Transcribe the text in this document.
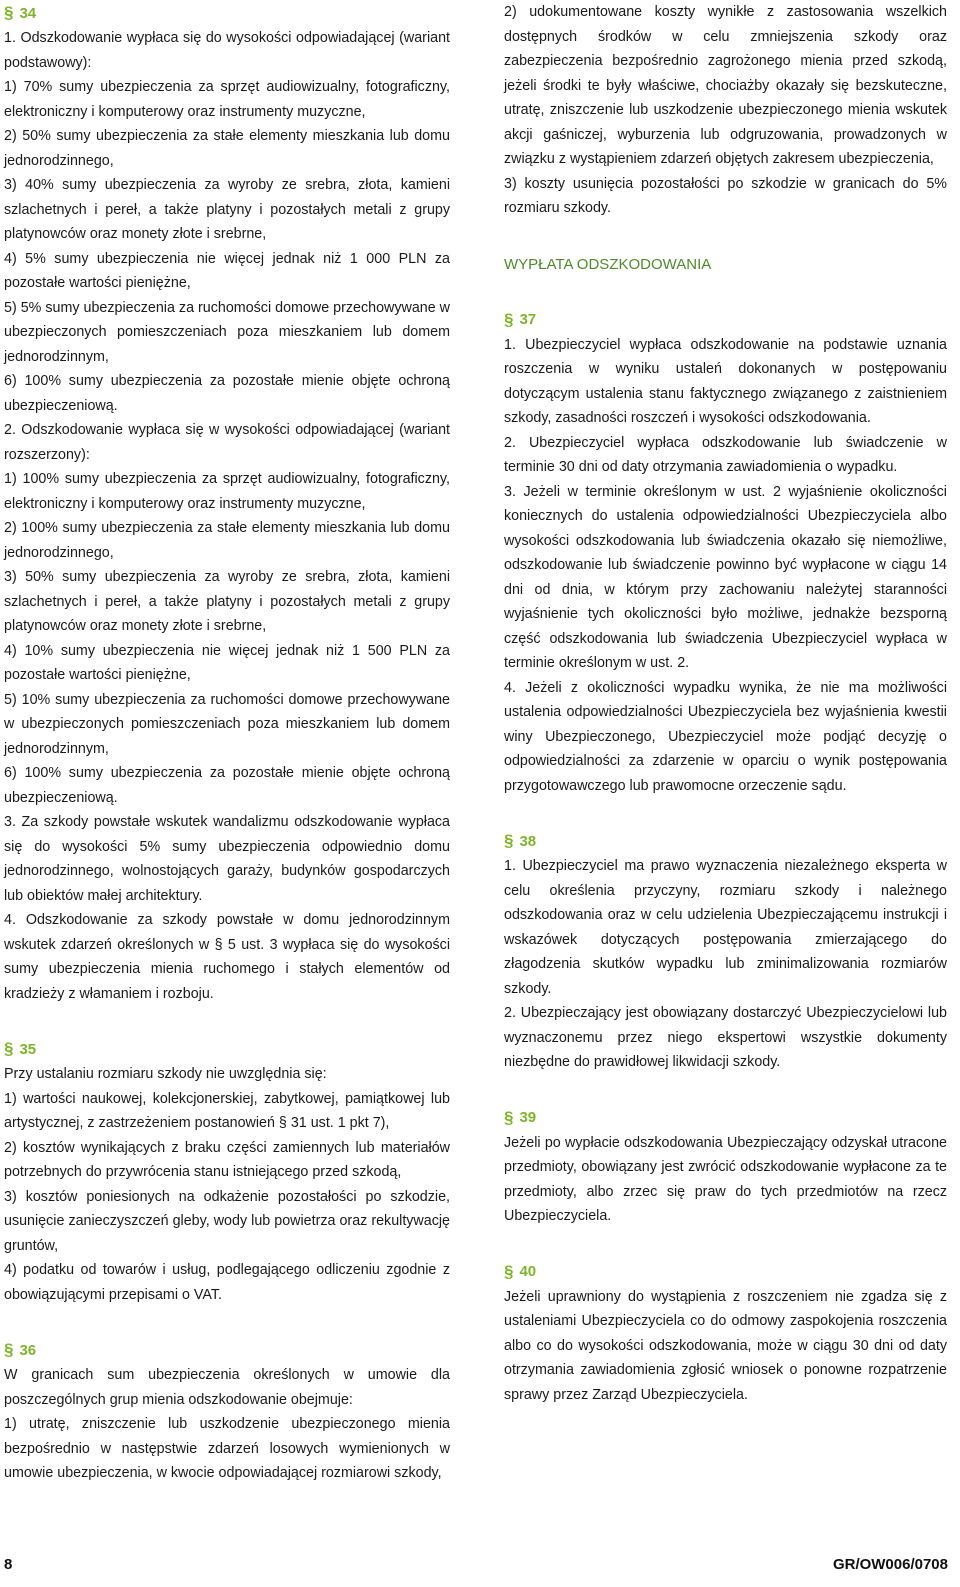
§ 34

1. Odszkodowanie wypłaca się do wysokości odpowiadającej (wariant podstawowy):

1) 70% sumy ubezpieczenia za sprzęt audiowizualny, fotograficzny, elektroniczny i komputerowy oraz instrumenty muzyczne,

2) 50% sumy ubezpieczenia za stałe elementy mieszkania lub domu jednorodzinnego,

3) 40% sumy ubezpieczenia za wyroby ze srebra, złota, kamieni szlachetnych i pereł, a także platyny i pozostałych metali z grupy platynowców oraz monety złote i srebrne,

4) 5% sumy ubezpieczenia nie więcej jednak niż 1 000 PLN za pozostałe wartości pieniężne,

5) 5% sumy ubezpieczenia za ruchomości domowe przechowywane w ubezpieczonych pomieszczeniach poza mieszkaniem lub domem jednorodzinnym,

6) 100% sumy ubezpieczenia za pozostałe mienie objęte ochroną ubezpieczeniową.

2. Odszkodowanie wypłaca się w wysokości odpowiadającej (wariant rozszerzony):

1) 100% sumy ubezpieczenia za sprzęt audiowizualny, fotograficzny, elektroniczny i komputerowy oraz instrumenty muzyczne,

2) 100% sumy ubezpieczenia za stałe elementy mieszkania lub domu jednorodzinnego,

3) 50% sumy ubezpieczenia za wyroby ze srebra, złota, kamieni szlachetnych i pereł, a także platyny i pozostałych metali z grupy platynowców oraz monety złote i srebrne,

4) 10% sumy ubezpieczenia nie więcej jednak niż 1 500 PLN za pozostałe wartości pieniężne,

5) 10% sumy ubezpieczenia za ruchomości domowe przechowywane w ubezpieczonych pomieszczeniach poza mieszkaniem lub domem jednorodzinnym,

6) 100% sumy ubezpieczenia za pozostałe mienie objęte ochroną ubezpieczeniową.

3. Za szkody powstałe wskutek wandalizmu odszkodowanie wypłaca się do wysokości 5% sumy ubezpieczenia odpowiednio domu jednorodzinnego, wolnostojących garaży, budynków gospodarczych lub obiektów małej architektury.

4. Odszkodowanie za szkody powstałe w domu jednorodzinnym wskutek zdarzeń określonych w § 5 ust. 3 wypłaca się do wysokości sumy ubezpieczenia mienia ruchomego i stałych elementów od kradzieży z włamaniem i rozboju.

§ 35

Przy ustalaniu rozmiaru szkody nie uwzględnia się:

1) wartości naukowej, kolekcjonerskiej, zabytkowej, pamiątkowej lub artystycznej, z zastrzeżeniem postanowień § 31 ust. 1 pkt 7),

2) kosztów wynikających z braku części zamiennych lub materiałów potrzebnych do przywrócenia stanu istniejącego przed szkodą,

3) kosztów poniesionych na odkażenie pozostałości po szkodzie, usunięcie zanieczyszczeń gleby, wody lub powietrza oraz rekultywację gruntów,

4) podatku od towarów i usług, podlegającego odliczeniu zgodnie z obowiązującymi przepisami o VAT.

§ 36

W granicach sum ubezpieczenia określonych w umowie dla poszczególnych grup mienia odszkodowanie obejmuje:

1) utratę, zniszczenie lub uszkodzenie ubezpieczonego mienia bezpośrednio w następstwie zdarzeń losowych wymienionych w umowie ubezpieczenia, w kwocie odpowiadającej rozmiarowi szkody,

2) udokumentowane koszty wynikłe z zastosowania wszelkich dostępnych środków w celu zmniejszenia szkody oraz zabezpieczenia bezpośrednio zagrożonego mienia przed szkodą, jeżeli środki te były właściwe, chociażby okazały się bezskuteczne, utratę, zniszczenie lub uszkodzenie ubezpieczonego mienia wskutek akcji gaśniczej, wyburzenia lub odgruzowania, prowadzonych w związku z wystąpieniem zdarzeń objętych zakresem ubezpieczenia,

3) koszty usunięcia pozostałości po szkodzie w granicach do 5% rozmiaru szkody.

WYPŁATA ODSZKODOWANIA

§ 37

1. Ubezpieczyciel wypłaca odszkodowanie na podstawie uznania roszczenia w wyniku ustaleń dokonanych w postępowaniu dotyczącym ustalenia stanu faktycznego związanego z zaistnieniem szkody, zasadności roszczeń i wysokości odszkodowania.

2. Ubezpieczyciel wypłaca odszkodowanie lub świadczenie w terminie 30 dni od daty otrzymania zawiadomienia o wypadku.

3. Jeżeli w terminie określonym w ust. 2 wyjaśnienie okoliczności koniecznych do ustalenia odpowiedzialności Ubezpieczyciela albo wysokości odszkodowania lub świadczenia okazało się niemożliwe, odszkodowanie lub świadczenie powinno być wypłacone w ciągu 14 dni od dnia, w którym przy zachowaniu należytej staranności wyjaśnienie tych okoliczności było możliwe, jednakże bezsporną część odszkodowania lub świadczenia Ubezpieczyciel wypłaca w terminie określonym w ust. 2.

4. Jeżeli z okoliczności wypadku wynika, że nie ma możliwości ustalenia odpowiedzialności Ubezpieczyciela bez wyjaśnienia kwestii winy Ubezpieczonego, Ubezpieczyciel może podjąć decyzję o odpowiedzialności za zdarzenie w oparciu o wynik postępowania przygotowawczego lub prawomocne orzeczenie sądu.

§ 38

1. Ubezpieczyciel ma prawo wyznaczenia niezależnego eksperta w celu określenia przyczyny, rozmiaru szkody i należnego odszkodowania oraz w celu udzielenia Ubezpieczającemu instrukcji i wskazówek dotyczących postępowania zmierzającego do złagodzenia skutków wypadku lub zminimalizowania rozmiarów szkody.

2. Ubezpieczający jest obowiązany dostarczyć Ubezpieczycielowi lub wyznaczonemu przez niego ekspertowi wszystkie dokumenty niezbędne do prawidłowej likwidacji szkody.

§ 39

Jeżeli po wypłacie odszkodowania Ubezpieczający odzyskał utracone przedmioty, obowiązany jest zwrócić odszkodowanie wypłacone za te przedmioty, albo zrzec się praw do tych przedmiotów na rzecz Ubezpieczyciela.

§ 40

Jeżeli uprawniony do wystąpienia z roszczeniem nie zgadza się z ustaleniami Ubezpieczyciela co do odmowy zaspokojenia roszczenia albo co do wysokości odszkodowania, może w ciągu 30 dni od daty otrzymania zawiadomienia zgłosić wniosek o ponowne rozpatrzenie sprawy przez Zarząd Ubezpieczyciela.

8	GR/OW006/0708
